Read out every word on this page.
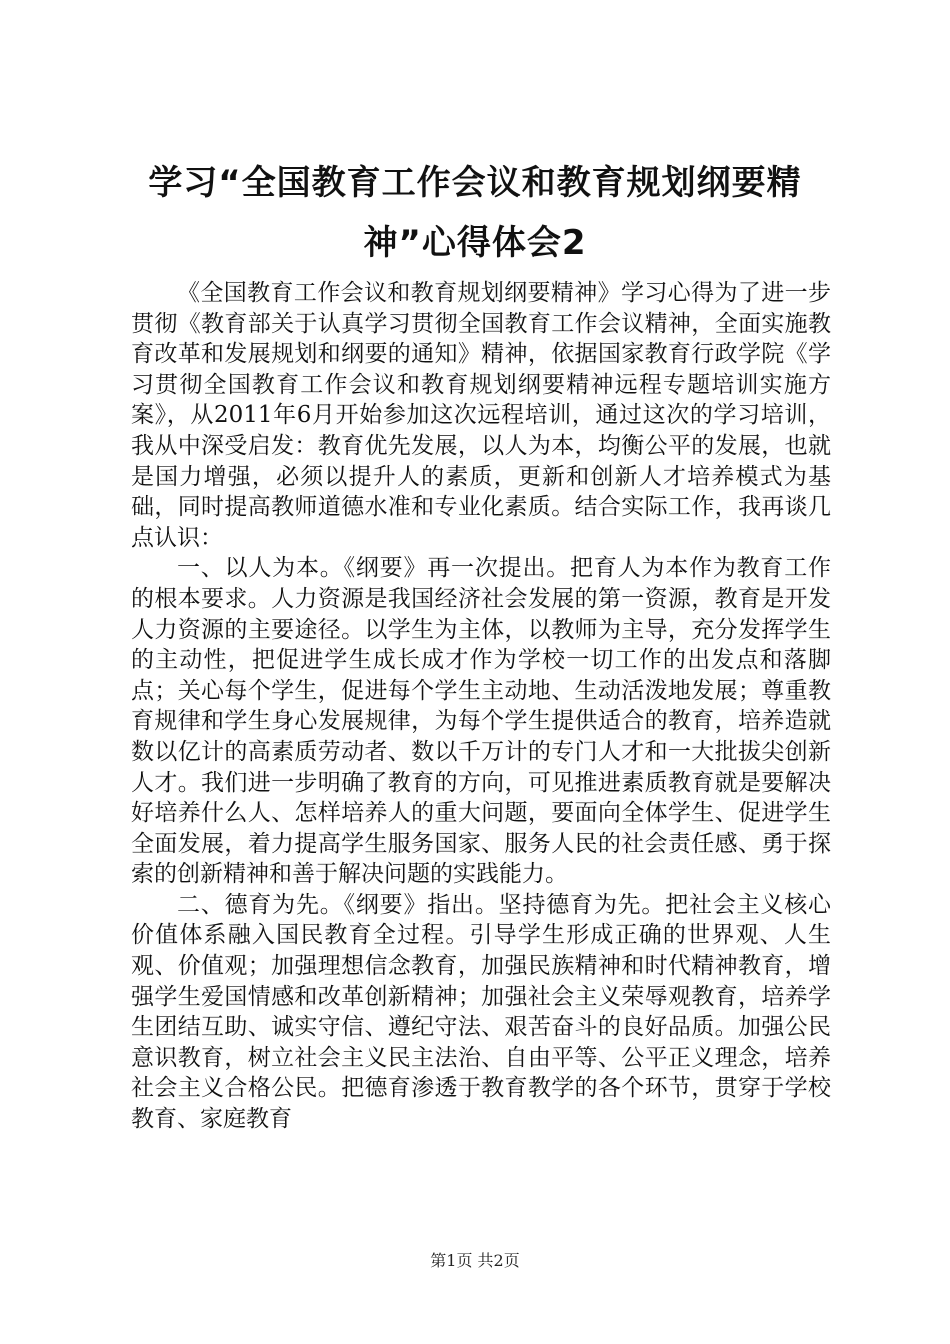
学习“全国教育工作会议和教育规划纲要精
神”心得体会2

《全国教育工作会议和教育规划纲要精神》学习心得为了进一步贯彻《教育部关于认真学习贯彻全国教育工作会议精神，全面实施教育改革和发展规划和纲要的通知》精神，依据国家教育行政学院《学习贯彻全国教育工作会议和教育规划纲要精神远程专题培训实施方案》，从2011年6月开始参加这次远程培训，通过这次的学习培训，我从中深受启发：教育优先发展，以人为本，均衡公平的发展，也就是国力增强，必须以提升人的素质，更新和创新人才培养模式为基础，同时提高教师道德水准和专业化素质。结合实际工作，我再谈几点认识：

一、以人为本。《纲要》再一次提出。把育人为本作为教育工作的根本要求。人力资源是我国经济社会发展的第一资源，教育是开发人力资源的主要途径。以学生为主体，以教师为主导，充分发挥学生的主动性，把促进学生成长成才作为学校一切工作的出发点和落脚点；关心每个学生，促进每个学生主动地、生动活泼地发展；尊重教育规律和学生身心发展规律，为每个学生提供适合的教育，培养造就数以亿计的高素质劳动者、数以千万计的专门人才和一大批拔尖创新人才。我们进一步明确了教育的方向，可见推进素质教育就是要解决好培养什么人、怎样培养人的重大问题，要面向全体学生、促进学生全面发展，着力提高学生服务国家、服务人民的社会责任感、勇于探索的创新精神和善于解决问题的实践能力。

二、德育为先。《纲要》指出。坚持德育为先。把社会主义核心价值体系融入国民教育全过程。引导学生形成正确的世界观、人生观、价值观；加强理想信念教育，加强民族精神和时代精神教育，增强学生爱国情感和改革创新精神；加强社会主义荣辱观教育，培养学生团结互助、诚实守信、遵纪守法、艰苦奋斗的良好品质。加强公民意识教育，树立社会主义民主法治、自由平等、公平正义理念，培养社会主义合格公民。把德育渗透于教育教学的各个环节，贯穿于学校教育、家庭教育

第1页 共2页
